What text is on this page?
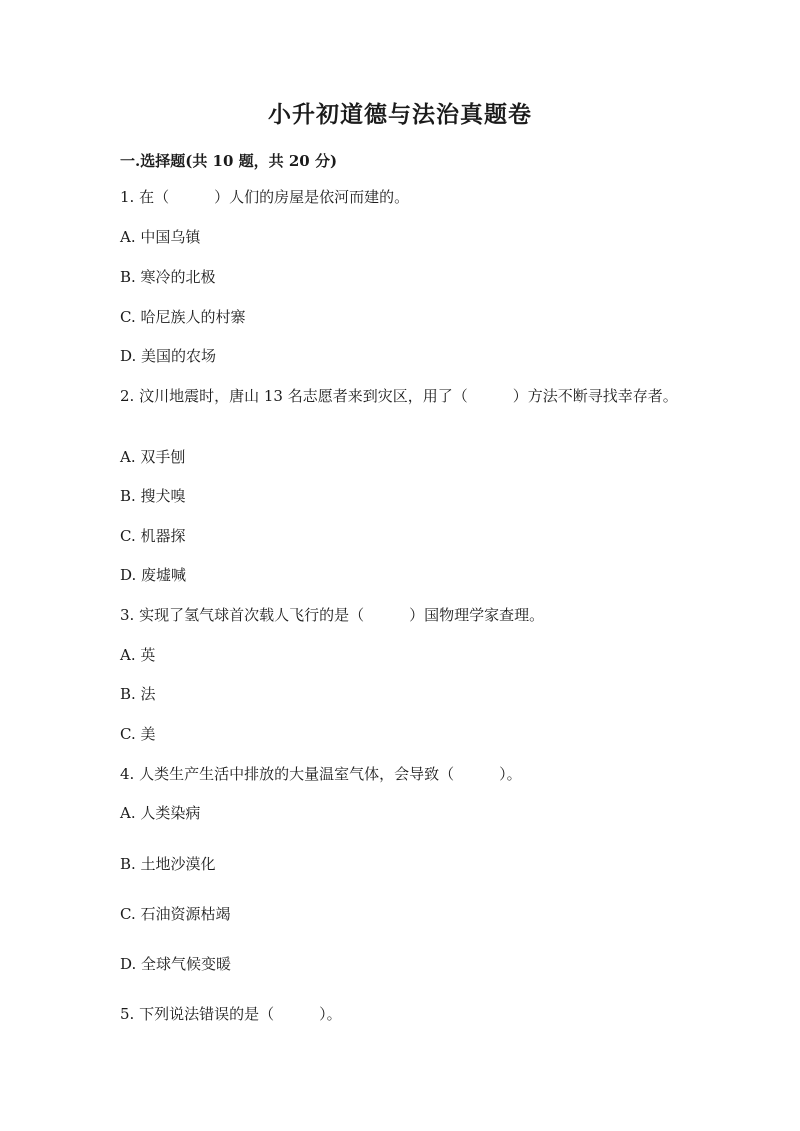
小升初道德与法治真题卷
一.选择题(共 10 题，共 20 分)
1. 在（　　　）人们的房屋是依河而建的。
A. 中国乌镇
B. 寒冷的北极
C. 哈尼族人的村寨
D. 美国的农场
2. 汶川地震时，唐山 13 名志愿者来到灾区，用了（　　　）方法不断寻找幸存者。
A. 双手刨
B. 搜犬嗅
C. 机器探
D. 废墟喊
3. 实现了氢气球首次载人飞行的是（　　　）国物理学家查理。
A. 英
B. 法
C. 美
4. 人类生产生活中排放的大量温室气体，会导致（　　　）。
A. 人类染病
B. 土地沙漠化
C. 石油资源枯竭
D. 全球气候变暖
5. 下列说法错误的是（　　　）。
